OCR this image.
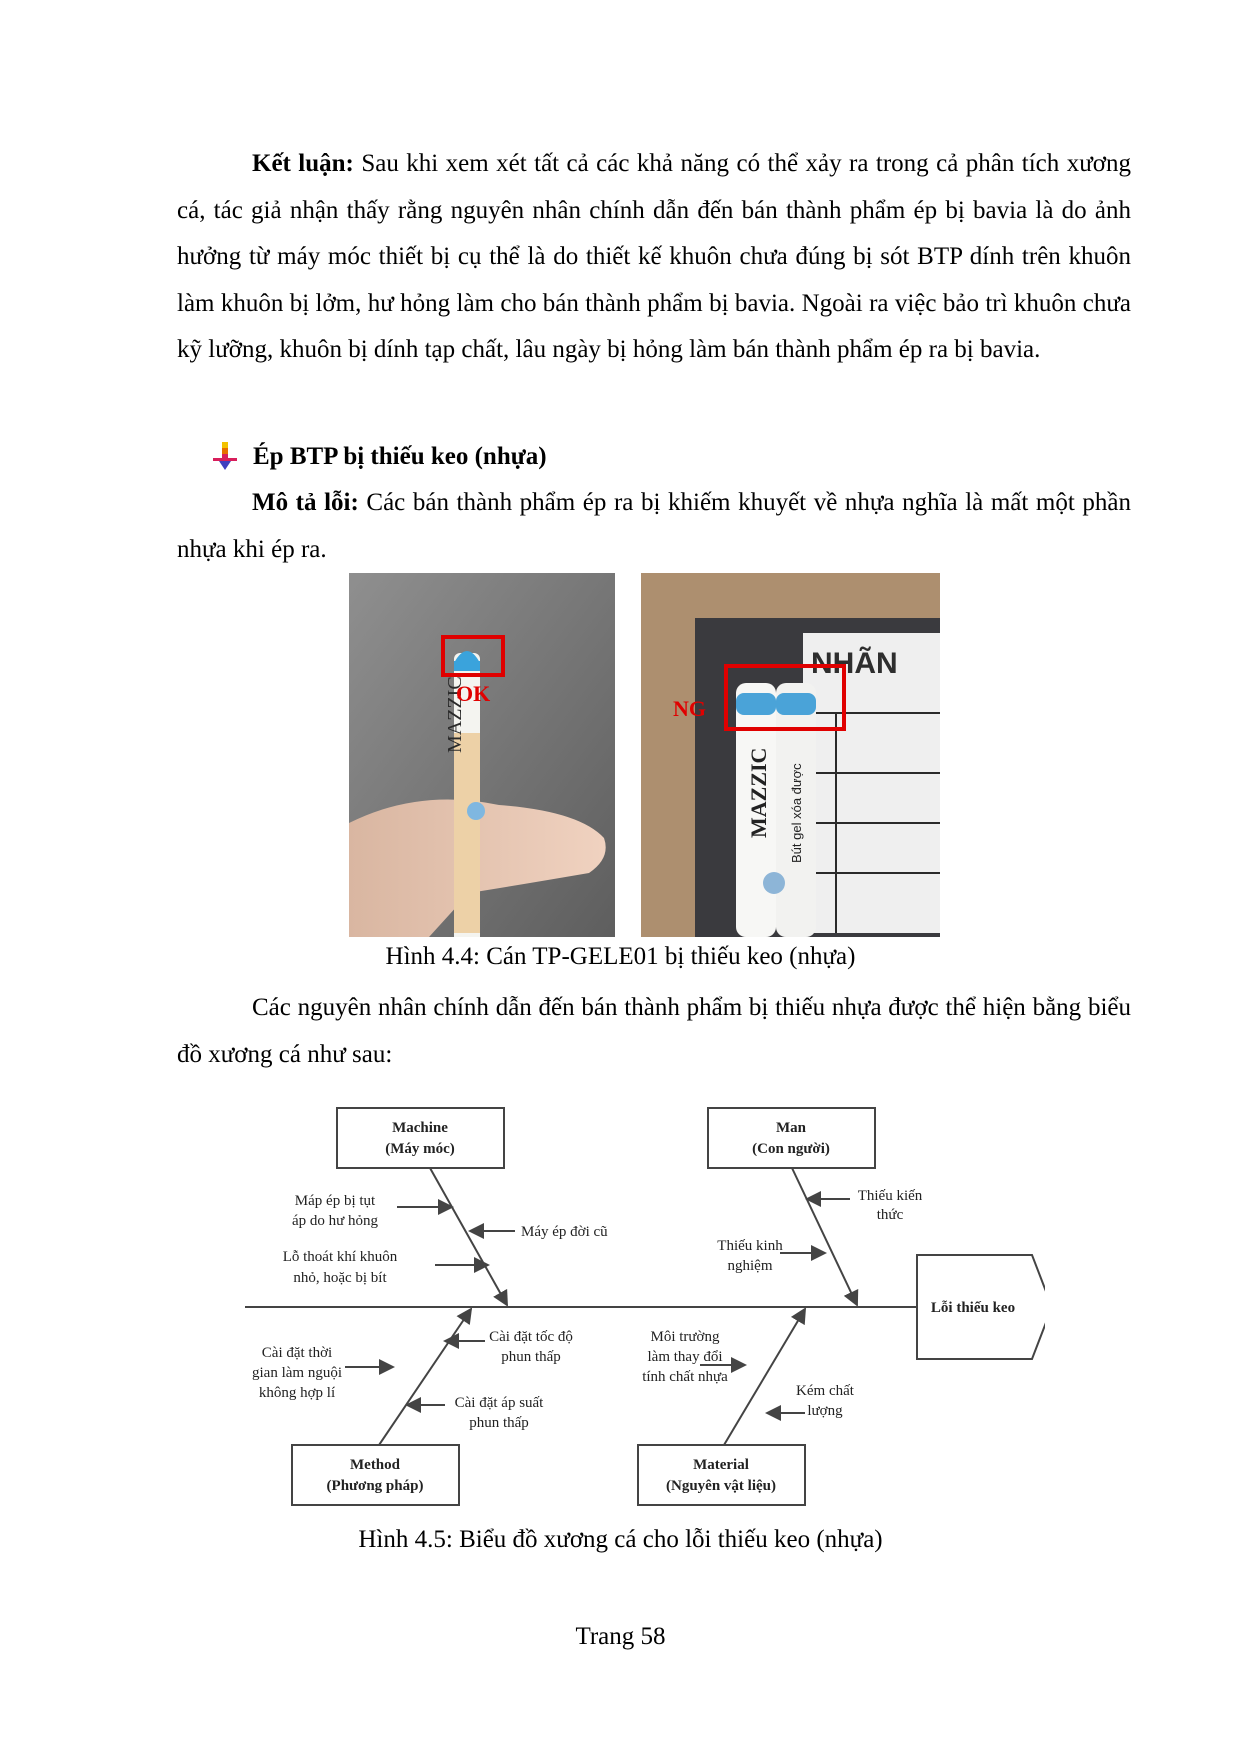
Kết luận: Sau khi xem xét tất cả các khả năng có thể xảy ra trong cả phân tích xương cá, tác giả nhận thấy rằng nguyên nhân chính dẫn đến bán thành phẩm ép bị bavia là do ảnh hưởng từ máy móc thiết bị cụ thể là do thiết kế khuôn chưa đúng bị sót BTP dính trên khuôn làm khuôn bị lởm, hư hỏng làm cho bán thành phẩm bị bavia. Ngoài ra việc bảo trì khuôn chưa kỹ lưỡng, khuôn bị dính tạp chất, lâu ngày bị hỏng làm bán thành phẩm ép ra bị bavia.

Ép BTP bị thiếu keo (nhựa)

Mô tả lỗi: Các bán thành phẩm ép ra bị khiếm khuyết về nhựa nghĩa là mất một phần nhựa khi ép ra.

MAZZIC
OK
NHÃN
MAZZIC Bút gel xóa được
NG
Hình 4.4: Cán TP-GELE01 bị thiếu keo (nhựa)

Các nguyên nhân chính dẫn đến bán thành phẩm bị thiếu nhựa được thể hiện bằng biểu đồ xương cá như sau:

Lỗi thiếu keo
Machine
(Máy móc)
Man
(Con người)
Method
(Phương pháp)
Material
(Nguyên vật liệu)
Máp ép bị tụt
áp do hư hỏng
Máy ép đời cũ
Lỗ thoát khí khuôn
nhỏ, hoặc bị bít
Thiếu kiến
thức
Thiếu kinh
nghiệm
Cài đặt tốc độ
phun thấp
Cài đặt thời
gian làm nguội
không hợp lí
Cài đặt áp suất
phun thấp
Môi trường
làm thay đổi
tính chất nhựa
Kém chất
lượng
Hình 4.5: Biểu đồ xương cá cho lỗi thiếu keo (nhựa)
Trang 58
